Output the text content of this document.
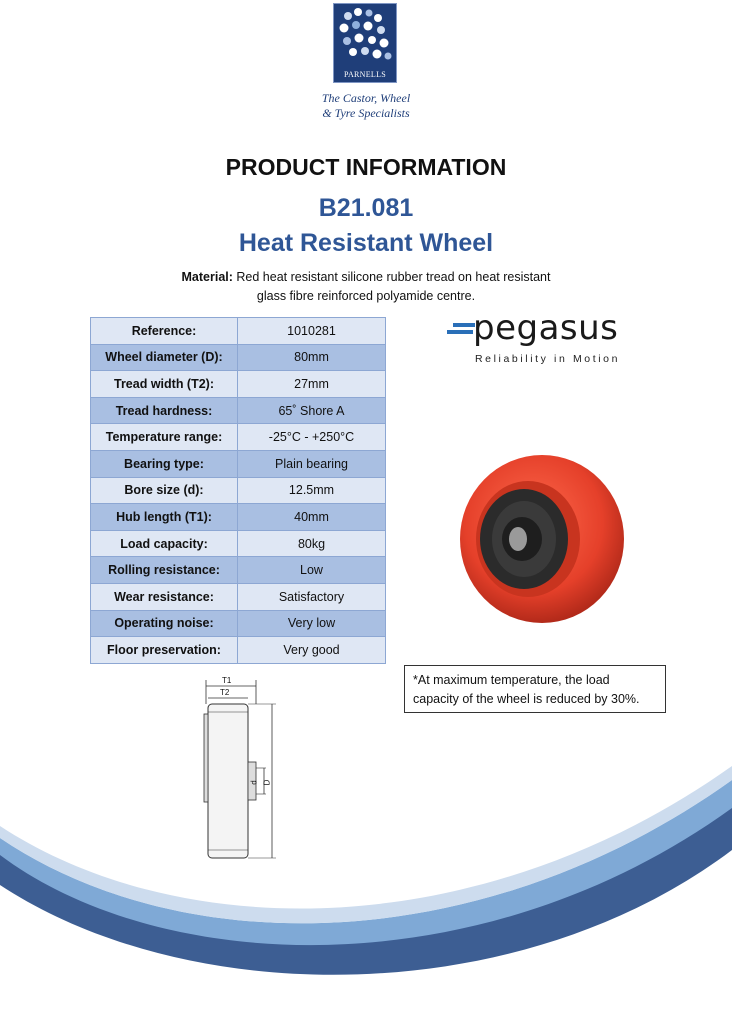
PARNELLS
The Castor, Wheel
& Tyre Specialists
PRODUCT INFORMATION
B21.081
Heat Resistant Wheel
Material: Red heat resistant silicone rubber tread on heat resistant
glass fibre reinforced polyamide centre.
Reference:	1010281
Wheel diameter (D):	80mm
Tread width (T2):	27mm
Tread hardness:	65˚ Shore A
Temperature range:	-25°C - +250°C
Bearing type:	Plain bearing
Bore size (d):	12.5mm
Hub length (T1):	40mm
Load capacity:	80kg
Rolling resistance:	Low
Wear resistance:	Satisfactory
Operating noise:	Very low
Floor preservation:	Very good
pegasus
Reliability in Motion
*At maximum temperature, the load capacity of the wheel is reduced by 30%.
T1
T2
d D
